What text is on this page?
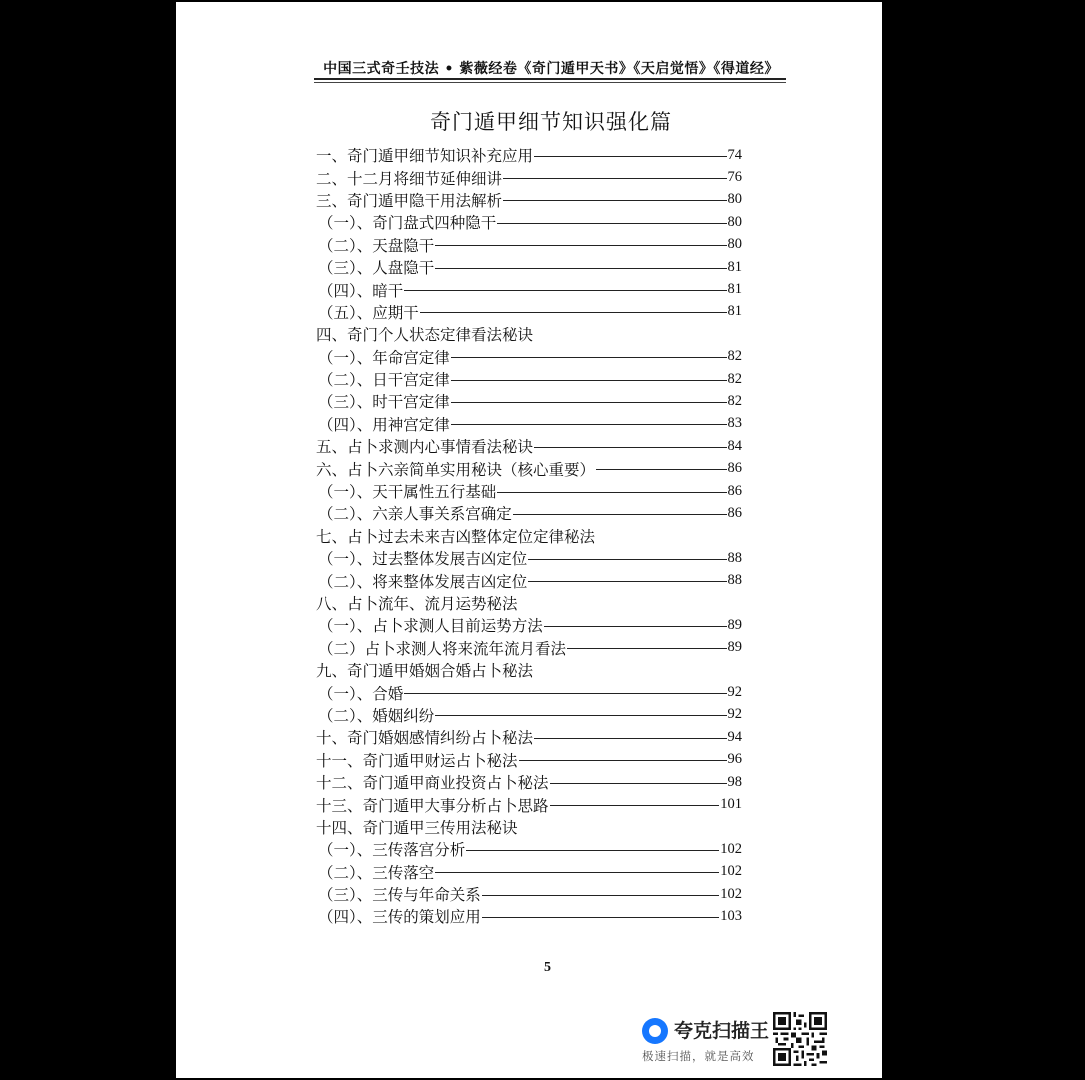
中国三式奇壬技法 • 紫薇经卷《奇门遁甲天书》《天启觉悟》《得道经》
奇门遁甲细节知识强化篇
一、奇门遁甲细节知识补充应用	74
二、十二月将细节延伸细讲	76
三、奇门遁甲隐干用法解析	80
（一）、奇门盘式四种隐干	80
（二）、天盘隐干	80
（三）、人盘隐干	81
（四）、暗干	81
（五）、应期干	81
四、奇门个人状态定律看法秘诀
（一）、年命宫定律	82
（二）、日干宫定律	82
（三）、时干宫定律	82
（四）、用神宫定律	83
五、占卜求测内心事情看法秘诀	84
六、占卜六亲简单实用秘诀（核心重要）	86
（一）、天干属性五行基础	86
（二）、六亲人事关系宫确定	86
七、占卜过去未来吉凶整体定位定律秘法
（一）、过去整体发展吉凶定位	88
（二）、将来整体发展吉凶定位	88
八、占卜流年、流月运势秘法
（一）、占卜求测人目前运势方法	89
（二）占卜求测人将来流年流月看法	89
九、奇门遁甲婚姻合婚占卜秘法
（一）、合婚	92
（二）、婚姻纠纷	92
十、奇门婚姻感情纠纷占卜秘法	94
十一、奇门遁甲财运占卜秘法	96
十二、奇门遁甲商业投资占卜秘法	98
十三、奇门遁甲大事分析占卜思路	101
十四、奇门遁甲三传用法秘诀
（一）、三传落宫分析	102
（二）、三传落空	102
（三）、三传与年命关系	102
（四）、三传的策划应用	103
5
夸克扫描王
极速扫描，就是高效
